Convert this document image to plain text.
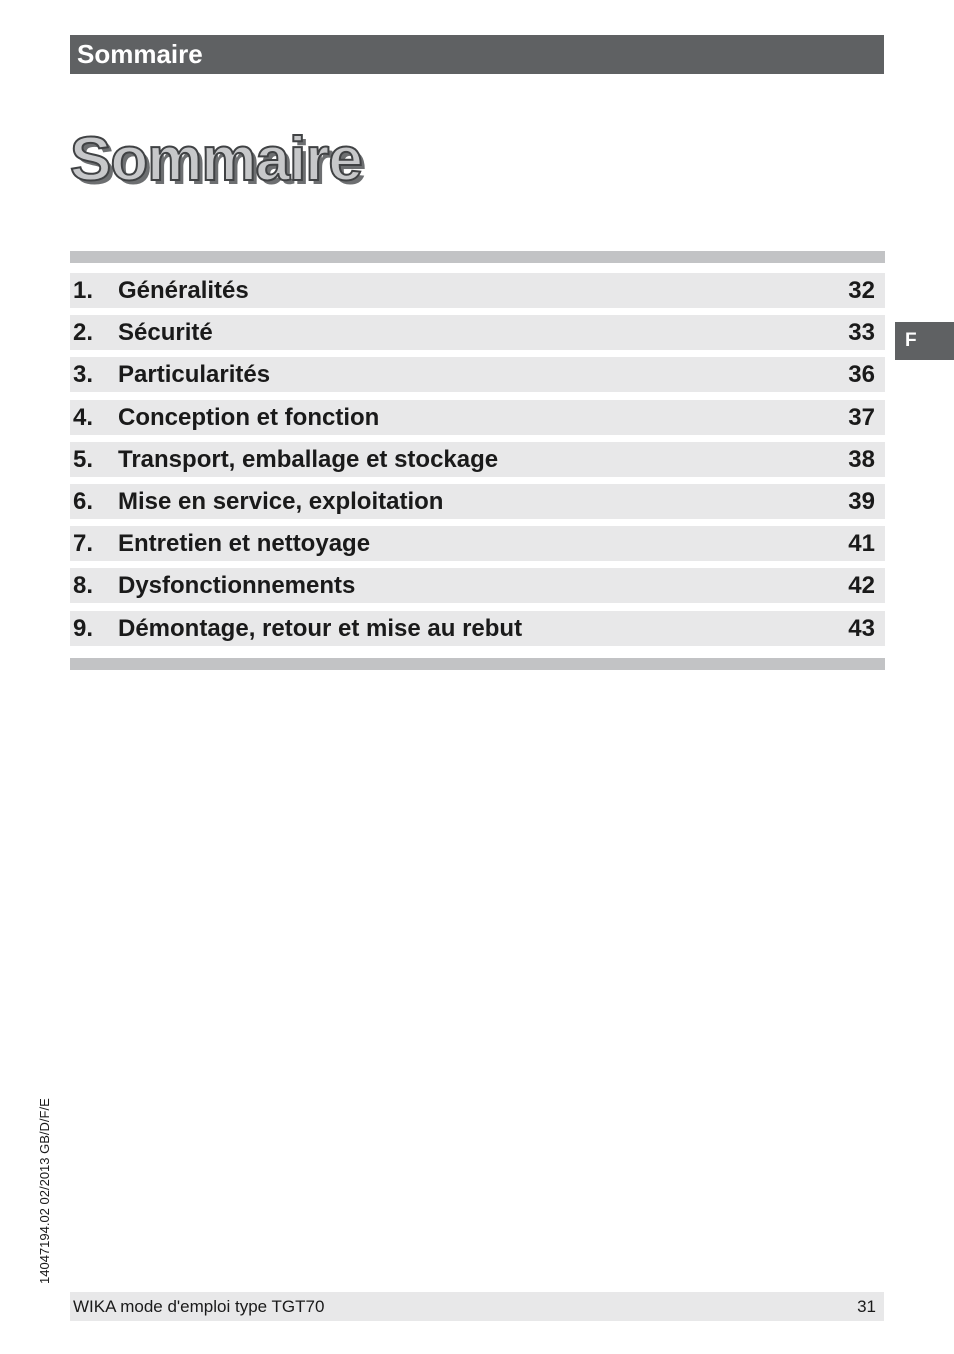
Sommaire
Sommaire
F
1. Généralités	32
2. Sécurité	33
3. Particularités	36
4. Conception et fonction	37
5. Transport, emballage et stockage	38
6. Mise en service, exploitation	39
7. Entretien et nettoyage	41
8. Dysfonctionnements	42
9. Démontage, retour et mise au rebut	43
14047194.02 02/2013 GB/D/F/E
WIKA mode d'emploi type TGT70	31
